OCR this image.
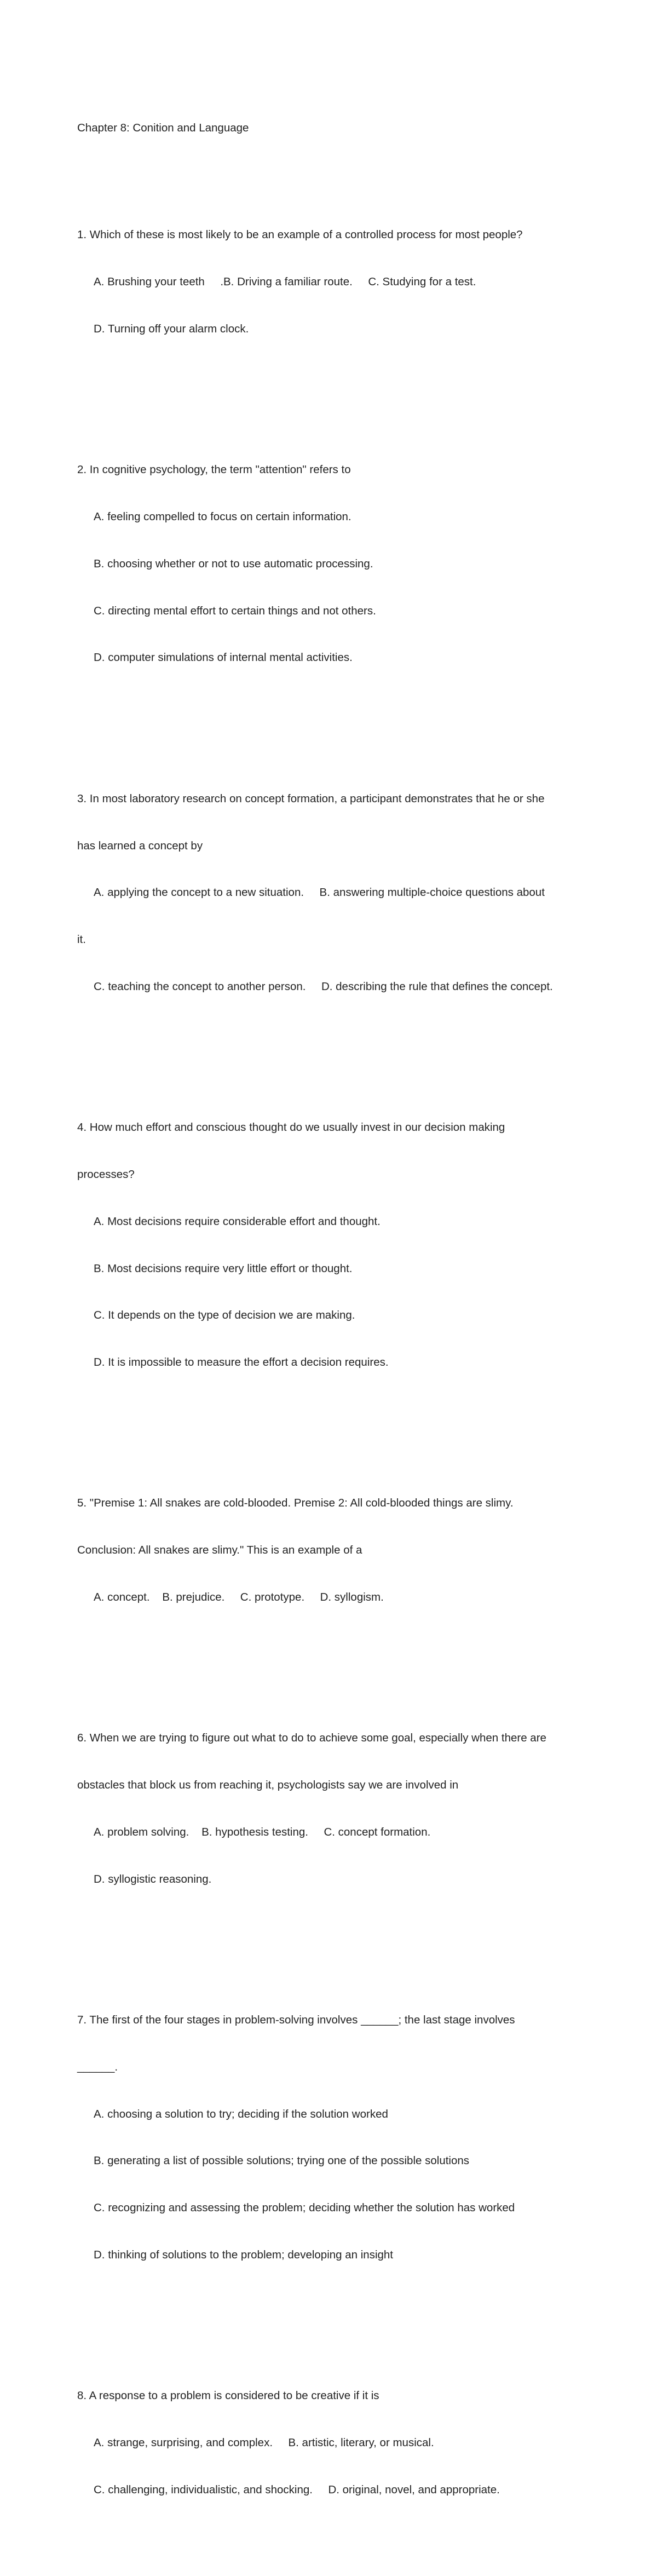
Chapter 8: Conition and Language

1. Which of these is most likely to be an example of a controlled process for most people?

A. Brushing your teeth     .B. Driving a familiar route.     C. Studying for a test.

D. Turning off your alarm clock.

2. In cognitive psychology, the term "attention" refers to

A. feeling compelled to focus on certain information.

B. choosing whether or not to use automatic processing.

C. directing mental effort to certain things and not others.

D. computer simulations of internal mental activities.

3. In most laboratory research on concept formation, a participant demonstrates that he or she

has learned a concept by

A. applying the concept to a new situation.     B. answering multiple-choice questions about

it.

C. teaching the concept to another person.     D. describing the rule that defines the concept.

4. How much effort and conscious thought do we usually invest in our decision making

processes?

A. Most decisions require considerable effort and thought.

B. Most decisions require very little effort or thought.

C. It depends on the type of decision we are making.

D. It is impossible to measure the effort a decision requires.

5. "Premise 1: All snakes are cold-blooded. Premise 2: All cold-blooded things are slimy.

Conclusion: All snakes are slimy." This is an example of a

A. concept.    B. prejudice.     C. prototype.     D. syllogism.

6. When we are trying to figure out what to do to achieve some goal, especially when there are

obstacles that block us from reaching it, psychologists say we are involved in

A. problem solving.    B. hypothesis testing.     C. concept formation.

D. syllogistic reasoning.

7. The first of the four stages in problem-solving involves ______; the last stage involves

______.

A. choosing a solution to try; deciding if the solution worked

B. generating a list of possible solutions; trying one of the possible solutions

C. recognizing and assessing the problem; deciding whether the solution has worked

D. thinking of solutions to the problem; developing an insight

8. A response to a problem is considered to be creative if it is

A. strange, surprising, and complex.     B. artistic, literary, or musical.

C. challenging, individualistic, and shocking.     D. original, novel, and appropriate.
